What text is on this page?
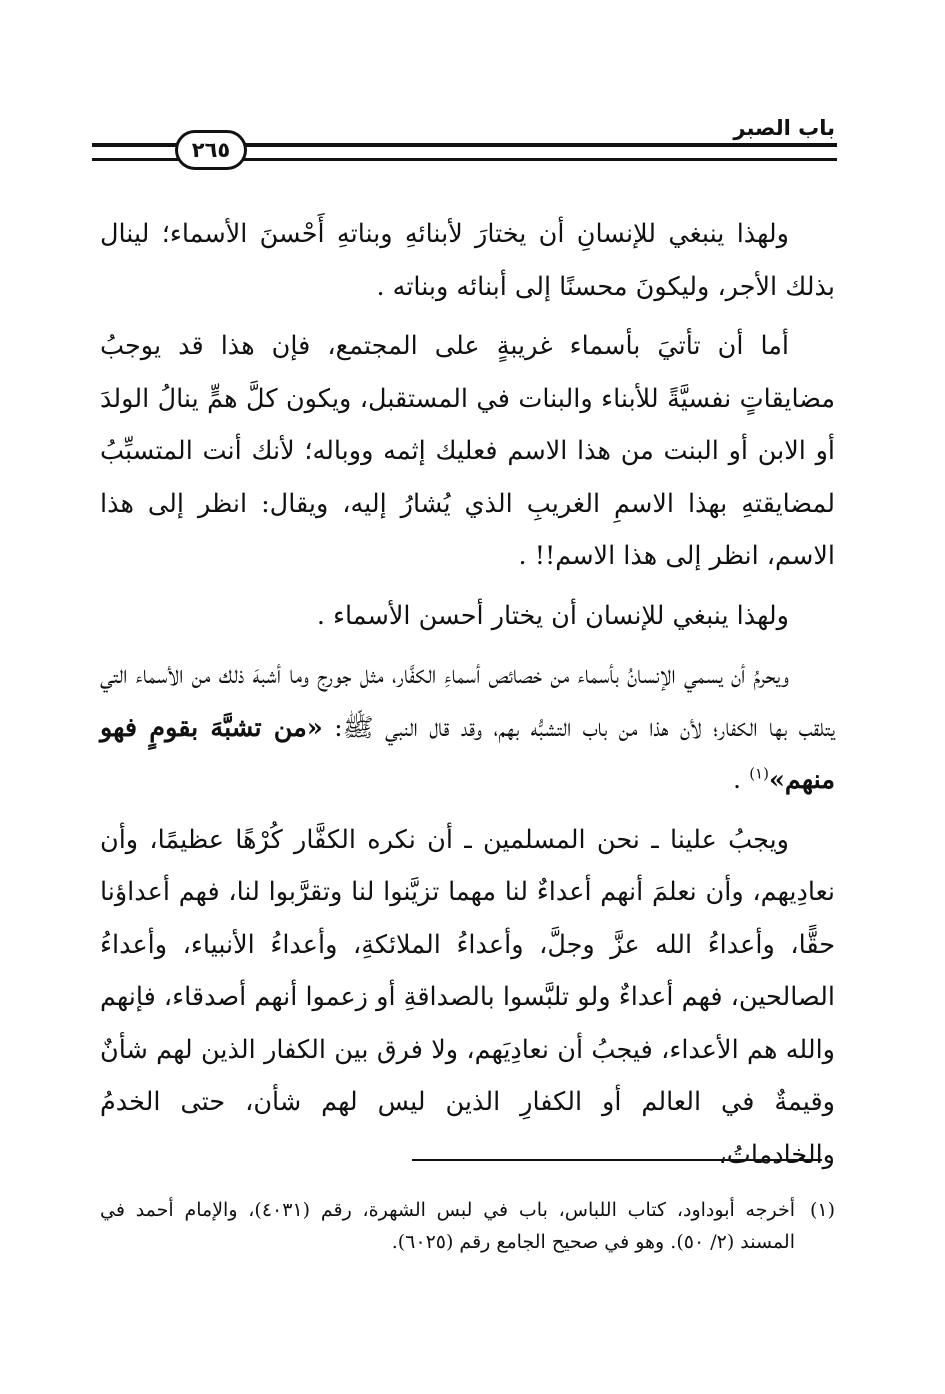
باب الصبر
٢٦٥

ولهذا ينبغي للإنسانِ أن يختارَ لأبنائهِ وبناتهِ أَحْسنَ الأسماء؛ لينال بذلك الأجر، وليكونَ محسنًا إلى أبنائه وبناته .

أما أن تأتيَ بأسماء غريبةٍ على المجتمع، فإن هذا قد يوجبُ مضايقاتٍ نفسيَّةً للأبناء والبنات في المستقبل، ويكون كلَّ همٍّ ينالُ الولدَ أو الابن أو البنت من هذا الاسم فعليك إثمه ووباله؛ لأنك أنت المتسبِّبُ لمضايقتهِ بهذا الاسمِ الغريبِ الذي يُشارُ إليه، ويقال: انظر إلى هذا الاسم، انظر إلى هذا الاسم!! .

ولهذا ينبغي للإنسان أن يختار أحسن الأسماء .

ويحرمُ أن يسمي الإنسانُ بأسماء من خصائص أسماءِ الكفَّار، مثل جورج وما أشبهَ ذلك من الأسماء التي يتلقب بها الكفار؛ لأن هذا من باب التشبُّه بهم، وقد قال النبي ﷺ: «من تشبَّهَ بقومٍ فهو منهم»$^{(١)}$ .

ويجبُ علينا ـ نحن المسلمين ـ أن نكره الكفَّار كُرْهًا عظيمًا، وأن نعادِيهم، وأن نعلمَ أنهم أعداءٌ لنا مهما تزيَّنوا لنا وتقرَّبوا لنا، فهم أعداؤنا حقًّا، وأعداءُ الله عزَّ وجلَّ، وأعداءُ الملائكةِ، وأعداءُ الأنبياء، وأعداءُ الصالحين، فهم أعداءٌ ولو تلبَّسوا بالصداقةِ أو زعموا أنهم أصدقاء، فإنهم والله هم الأعداء، فيجبُ أن نعادِيَهم، ولا فرق بين الكفار الذين لهم شأنٌ وقيمةٌ في العالم أو الكفارِ الذين ليس لهم شأن، حتى الخدمُ والخادماتُ،

(١)
أخرجه أبوداود، كتاب اللباس، باب في لبس الشهرة، رقم (٤٠٣١)، والإمام أحمد في المسند (٢/ ٥٠). وهو في صحيح الجامع رقم (٦٠٢٥).
